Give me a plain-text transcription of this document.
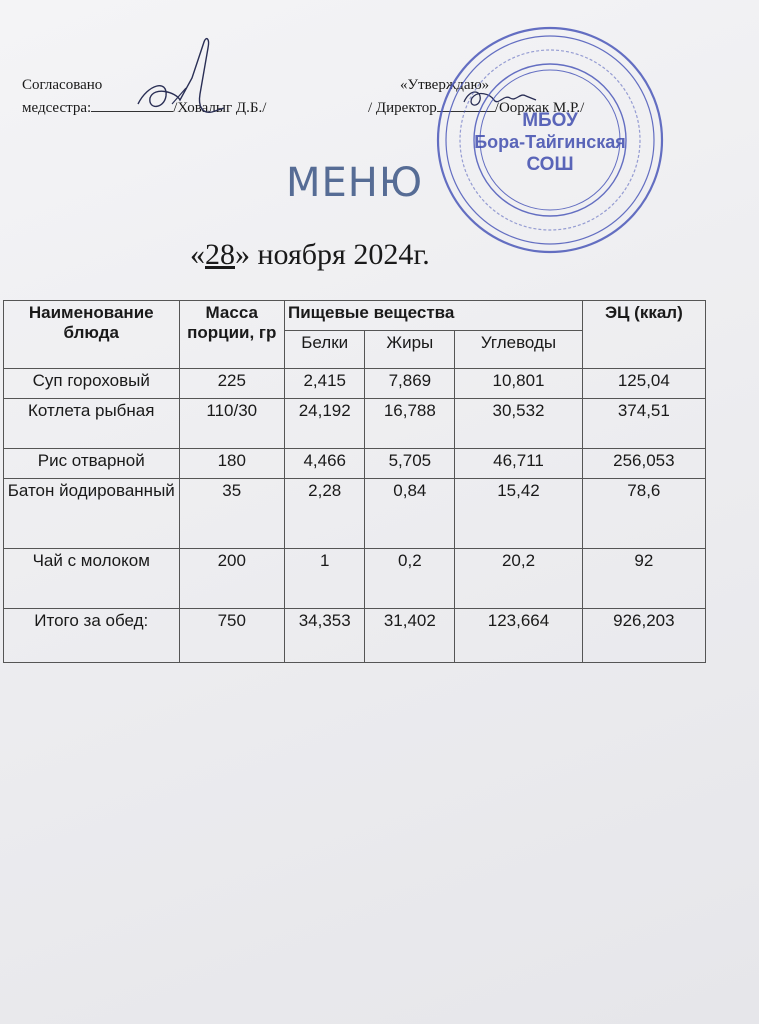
Согласовано
медсестра:	/Ховалыг Д.Б./
«Утверждаю»
/ Директор	/Ооржак М.Р./
МБОУ
Бора-Тайгинская
СОШ
МЕНЮ
«28» ноября 2024г.
Наименование блюда	Масса порции, гр	Пищевые вещества			ЭЦ (ккал)
		Белки	Жиры	Углеводы	
Суп гороховый	225	2,415	7,869	10,801	125,04
Котлета рыбная	110/30	24,192	16,788	30,532	374,51
Рис отварной	180	4,466	5,705	46,711	256,053
Батон йодированный	35	2,28	0,84	15,42	78,6
Чай с молоком	200	1	0,2	20,2	92
Итого за обед:	750	34,353	31,402	123,664	926,203
